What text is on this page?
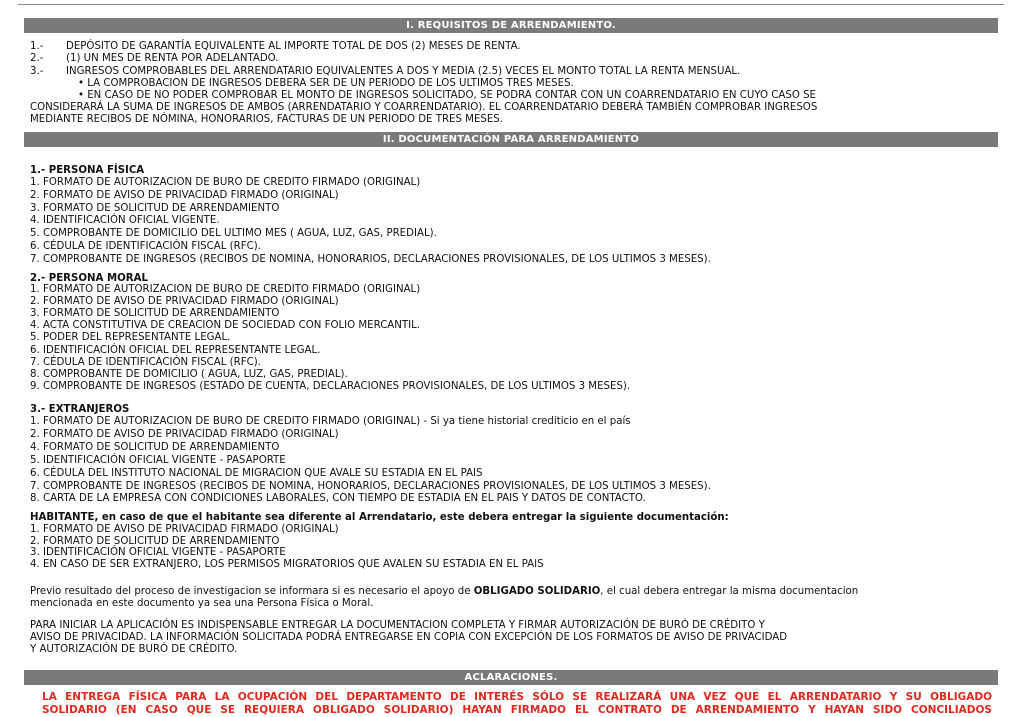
I. REQUISITOS DE ARRENDAMIENTO.
1.- DEPÓSITO DE GARANTÍA EQUIVALENTE AL IMPORTE TOTAL DE DOS (2) MESES DE RENTA.
2.- (1) UN MES DE RENTA POR ADELANTADO.
3.- INGRESOS COMPROBABLES DEL ARRENDATARIO EQUIVALENTES A DOS Y MEDIA (2.5) VECES EL MONTO TOTAL LA RENTA MENSUAL.
• LA COMPROBACION DE INGRESOS DEBERA SER DE UN PERIODO DE LOS ULTIMOS TRES MESES.
• EN CASO DE NO PODER COMPROBAR EL MONTO DE INGRESOS SOLICITADO, SE PODRA CONTAR CON UN COARRENDATARIO EN CUYO CASO SE
CONSIDERARÁ LA SUMA DE INGRESOS DE AMBOS (ARRENDATARIO Y COARRENDATARIO). EL COARRENDATARIO DEBERÁ TAMBIÉN COMPROBAR INGRESOS
MEDIANTE RECIBOS DE NÓMINA, HONORARIOS, FACTURAS DE UN PERIODO DE TRES MESES.
II. DOCUMENTACIÓN PARA ARRENDAMIENTO
1.- PERSONA FÍSICA
1. FORMATO DE AUTORIZACION DE BURO DE CREDITO FIRMADO (ORIGINAL)
2. FORMATO DE AVISO DE PRIVACIDAD FIRMADO (ORIGINAL)
3. FORMATO DE SOLICITUD DE ARRENDAMIENTO
4. IDENTIFICACIÓN OFICIAL VIGENTE.
5. COMPROBANTE DE DOMICILIO DEL ULTIMO MES ( AGUA, LUZ, GAS, PREDIAL).
6. CÉDULA DE IDENTIFICACIÓN FISCAL (RFC).
7. COMPROBANTE DE INGRESOS (RECIBOS DE NOMINA, HONORARIOS, DECLARACIONES PROVISIONALES, DE LOS ULTIMOS 3 MESES).
2.- PERSONA MORAL
1. FORMATO DE AUTORIZACION DE BURO DE CREDITO FIRMADO (ORIGINAL)
2. FORMATO DE AVISO DE PRIVACIDAD FIRMADO (ORIGINAL)
3. FORMATO DE SOLICITUD DE ARRENDAMIENTO
4. ACTA CONSTITUTIVA DE CREACION DE SOCIEDAD CON FOLIO MERCANTIL.
5. PODER DEL REPRESENTANTE LEGAL.
6. IDENTIFICACIÓN OFICIAL DEL REPRESENTANTE LEGAL.
7. CÉDULA DE IDENTIFICACIÓN FISCAL (RFC).
8. COMPROBANTE DE DOMICILIO ( AGUA, LUZ, GAS, PREDIAL).
9. COMPROBANTE DE INGRESOS (ESTADO DE CUENTA, DECLARACIONES PROVISIONALES, DE LOS ULTIMOS 3 MESES).
3.- EXTRANJEROS
1. FORMATO DE AUTORIZACION DE BURO DE CREDITO FIRMADO (ORIGINAL) - Si ya tiene historial crediticio en el país
2. FORMATO DE AVISO DE PRIVACIDAD FIRMADO (ORIGINAL)
4. FORMATO DE SOLICITUD DE ARRENDAMIENTO
5. IDENTIFICACIÓN OFICIAL VIGENTE - PASAPORTE
6. CÉDULA DEL INSTITUTO NACIONAL DE MIGRACION QUE AVALE SU ESTADIA EN EL PAIS
7. COMPROBANTE DE INGRESOS (RECIBOS DE NOMINA, HONORARIOS, DECLARACIONES PROVISIONALES, DE LOS ULTIMOS 3 MESES).
8. CARTA DE LA EMPRESA CON CONDICIONES LABORALES, CON TIEMPO DE ESTADIA EN EL PAIS Y DATOS DE CONTACTO.
HABITANTE, en caso de que el habitante sea diferente al Arrendatario, este debera entregar la siguiente documentación:
1. FORMATO DE AVISO DE PRIVACIDAD FIRMADO (ORIGINAL)
2. FORMATO DE SOLICITUD DE ARRENDAMIENTO
3. IDENTIFICACIÓN OFICIAL VIGENTE - PASAPORTE
4. EN CASO DE SER EXTRANJERO, LOS PERMISOS MIGRATORIOS QUE AVALEN SU ESTADIA EN EL PAIS
Previo resultado del proceso de investigacion se informara si es necesario el apoyo de OBLIGADO SOLIDARIO, el cual debera entregar la misma documentacion
mencionada en este documento ya sea una Persona Física o Moral.
PARA INICIAR LA APLICACIÓN ES INDISPENSABLE ENTREGAR LA DOCUMENTACION COMPLETA Y FIRMAR AUTORIZACIÓN DE BURÓ DE CRÉDITO Y
AVISO DE PRIVACIDAD. LA INFORMACIÓN SOLICITADA PODRÁ ENTREGARSE EN COPIA CON EXCEPCIÓN DE LOS FORMATOS DE AVISO DE PRIVACIDAD
Y AUTORIZACIÓN DE BURÓ DE CRÉDITO.
ACLARACIONES.
LA ENTREGA FÍSICA PARA LA OCUPACIÓN DEL DEPARTAMENTO DE INTERÉS SÓLO SE REALIZARÁ UNA VEZ QUE EL ARRENDATARIO Y SU OBLIGADO
SOLIDARIO (EN CASO QUE SE REQUIERA OBLIGADO SOLIDARIO) HAYAN FIRMADO EL CONTRATO DE ARRENDAMIENTO Y HAYAN SIDO CONCILIADOS
